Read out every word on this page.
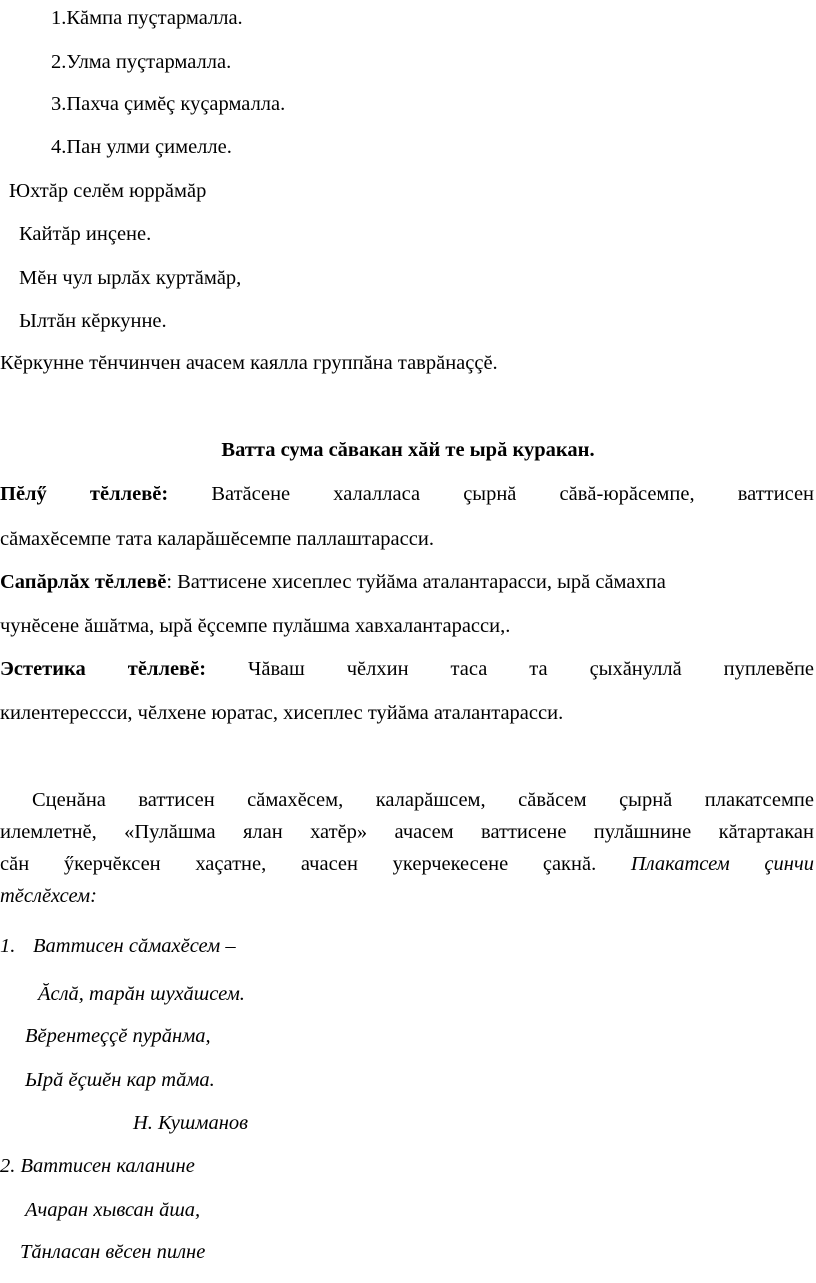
1.Кăмпа пуçтармалла.
2.Улма пуçтармалла.
3.Пахча çимĕç куçармалла.
4.Пан улми çимелле.
Юхтăр селĕм юррăмăр
Кайтăр инçене.
Мĕн чул ырлăх куртăмăр,
Ылтăн кĕркунне.
Кĕркунне тĕнчинчен ачасем каялла группăна таврăнаççĕ.
Ватта сума сăвакан хăй те ырă куракан.
Пĕлӳ тĕллевĕ: Ватăсене халалласа çырнă сăвă-юрăсемпе, ваттисен
сăмахĕсемпе тата каларăшĕсемпе паллаштарасси.
Сапăрлăх тĕллевĕ: Ваттисене хисеплес туйăма аталантарасси, ырă сăмахпа
чунĕсене ăшăтма, ырă ĕçсемпе пулăшма хавхалантарасси,.
Эстетика тĕллевĕ: Чăваш чĕлхин таса та çыхăнуллă пуплевĕпе
килентерессси, чĕлхене юратас, хисеплес туйăма аталантарасси.
Сценăна ваттисен сăмахĕсем, каларăшсем, сăвăсем çырнă плакатсемпе
илемлетнĕ, «Пулăшма ялан хатĕр» ачасем ваттисене пулăшнине кăтартакан
сăн ӳкерчĕксен хаçатне, ачасен укерчекесене çакнă. Плакатсем çинчи
тĕслĕхсем:
1. Ваттисен сăмахĕсем –
Ăслă, тарăн шухăшсем.
Вĕрентеççĕ пурăнма,
Ырă ĕçшĕн кар тăма.
Н. Кушманов
2. Ваттисен каланине
Ачаран хывсан ăша,
Тăнласан вĕсен пилне
